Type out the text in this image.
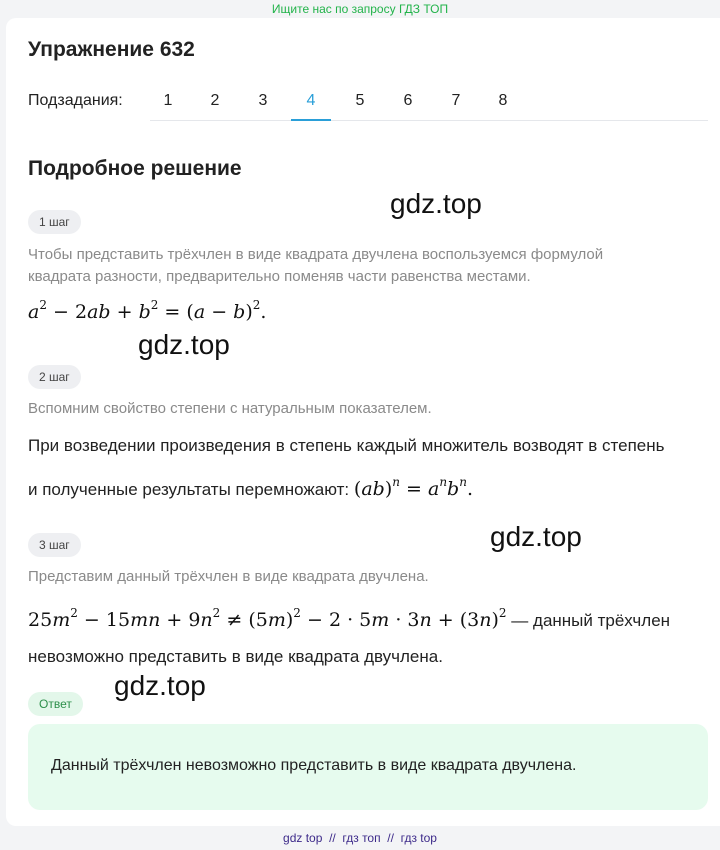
Ищите нас по запросу ГДЗ ТОП
Упражнение 632
Подзадания:	1	2	3	4	5	6	7	8
Подробное решение
gdz.top
gdz.top
gdz.top
gdz.top
1 шаг
Чтобы представить трёхчлен в виде квадрата двучлена воспользуемся формулой квадрата разности, предварительно поменяв части равенства местами.
$a^2 - 2ab + b^2 = (a - b)^2$.
2 шаг
Вспомним свойство степени с натуральным показателем.
При возведении произведения в степень каждый множитель возводят в степень и полученные результаты перемножают: $(ab)^n = a^nb^n$.
3 шаг
Представим данный трёхчлен в виде квадрата двучлена.
$25m^2 - 15mn + 9n^2 \ne (5m)^2 - 2 \cdot 5m \cdot 3n + (3n)^2$ — данный трёхчлен
невозможно представить в виде квадрата двучлена.
Ответ
Данный трёхчлен невозможно представить в виде квадрата двучлена.
gdz top  //  гдз топ  //  гдз top
